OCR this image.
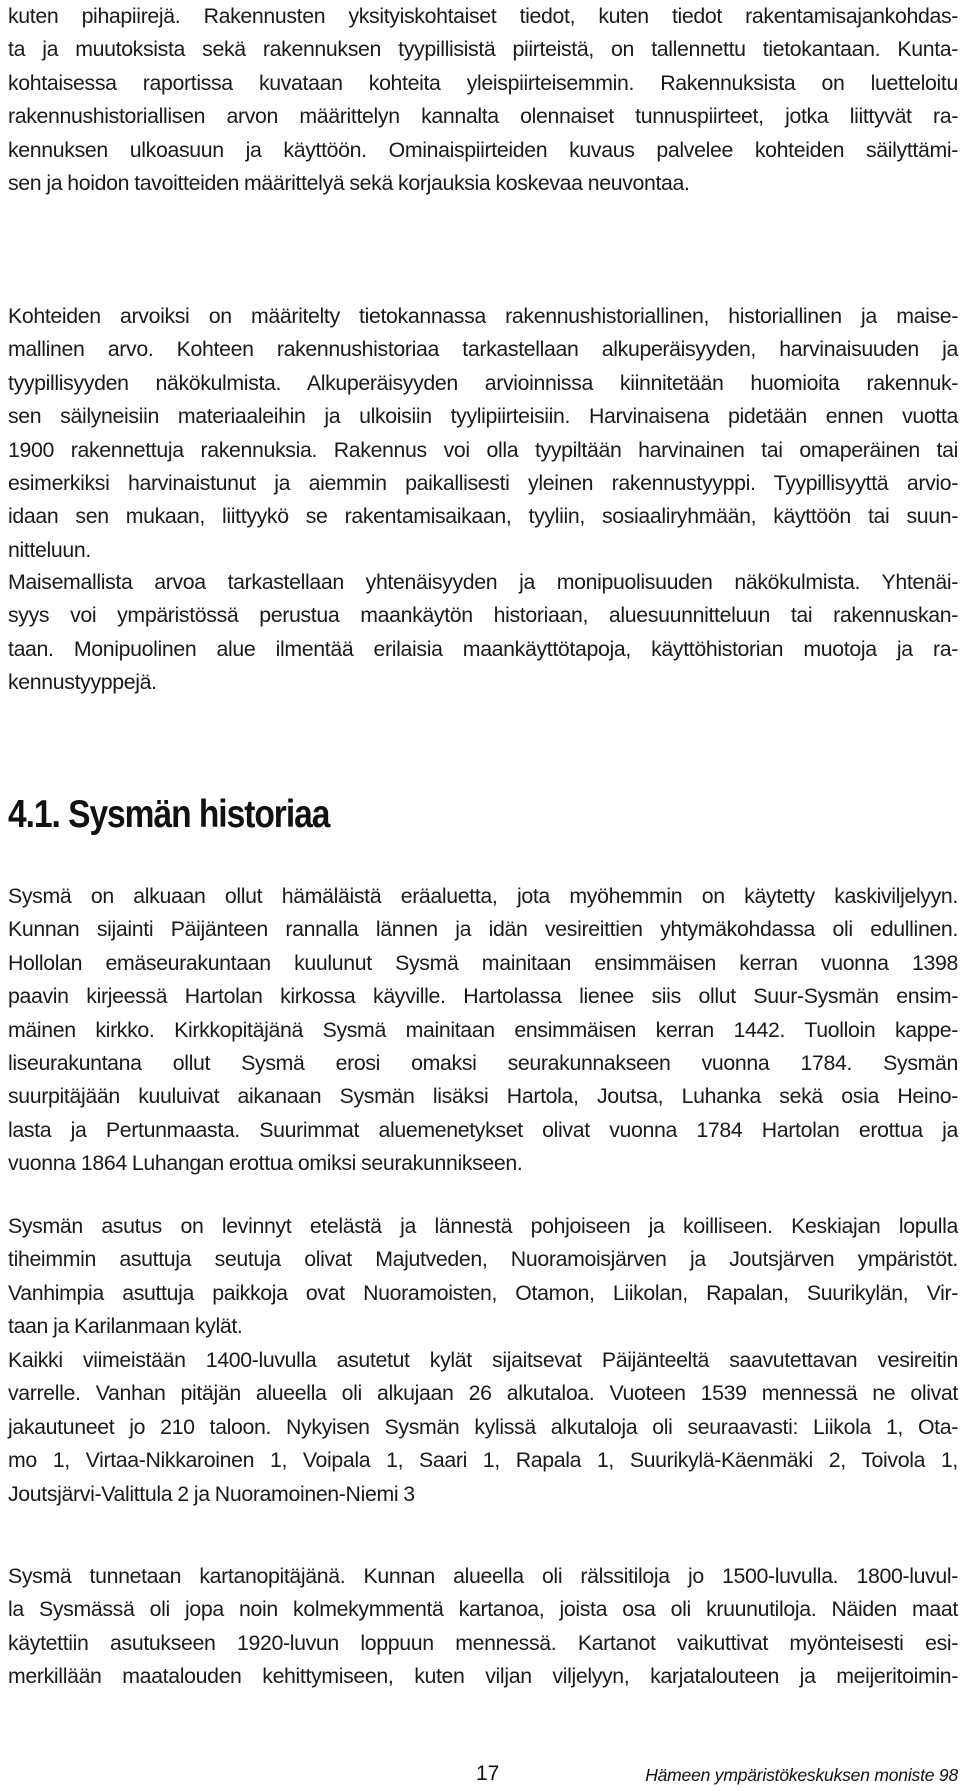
kuten pihapiirejä. Rakennusten yksityiskohtaiset tiedot, kuten tiedot rakentamisajankohdas-
ta ja muutoksista sekä rakennuksen tyypillisistä piirteistä, on tallennettu tietokantaan. Kunta-
kohtaisessa raportissa kuvataan kohteita yleispiirteisemmin. Rakennuksista on luetteloitu
rakennushistoriallisen arvon määrittelyn kannalta olennaiset tunnuspiirteet, jotka liittyvät ra-
kennuksen ulkoasuun ja käyttöön. Ominaispiirteiden kuvaus palvelee kohteiden säilyttämi-
sen ja hoidon tavoitteiden määrittelyä sekä korjauksia koskevaa neuvontaa.
Kohteiden arvoiksi on määritelty tietokannassa rakennushistoriallinen, historiallinen ja maise-
mallinen arvo. Kohteen rakennushistoriaa tarkastellaan alkuperäisyyden, harvinaisuuden ja
tyypillisyyden näkökulmista. Alkuperäisyyden arvioinnissa kiinnitetään huomioita rakennuk-
sen säilyneisiin materiaaleihin ja ulkoisiin tyylipiirteisiin. Harvinaisena pidetään ennen vuotta
1900 rakennettuja rakennuksia. Rakennus voi olla tyypiltään harvinainen tai omaperäinen tai
esimerkiksi harvinaistunut ja aiemmin paikallisesti yleinen rakennustyyppi. Tyypillisyyttä arvio-
idaan sen mukaan, liittyykö se rakentamisaikaan, tyyliin, sosiaaliryhmään, käyttöön tai suun-
nitteluun.
Maisemallista arvoa tarkastellaan yhtenäisyyden ja monipuolisuuden näkökulmista. Yhtenäi-
syys voi ympäristössä perustua maankäytön historiaan, aluesuunnitteluun tai rakennuskan-
taan. Monipuolinen alue ilmentää erilaisia maankäyttötapoja, käyttöhistorian muotoja ja ra-
kennustyyppejä.
4.1. Sysmän historiaa
Sysmä on alkuaan ollut hämäläistä eräaluetta, jota myöhemmin on käytetty kaskiviljelyyn.
Kunnan sijainti Päijänteen rannalla lännen ja idän vesireittien yhtymäkohdassa oli edullinen.
Hollolan emäseurakuntaan kuulunut Sysmä mainitaan ensimmäisen kerran vuonna 1398
paavin kirjeessä Hartolan kirkossa käyville. Hartolassa lienee siis ollut Suur-Sysmän ensim-
mäinen kirkko. Kirkkopitäjänä Sysmä mainitaan ensimmäisen kerran 1442. Tuolloin kappe-
liseurakuntana ollut Sysmä erosi omaksi seurakunnakseen vuonna 1784. Sysmän
suurpitäjään kuuluivat aikanaan Sysmän lisäksi Hartola, Joutsa, Luhanka sekä osia Heino-
lasta ja Pertunmaasta. Suurimmat aluemenetykset olivat vuonna 1784 Hartolan erottua ja
vuonna 1864 Luhangan erottua omiksi seurakunnikseen.
Sysmän asutus on levinnyt etelästä ja lännestä pohjoiseen ja koilliseen. Keskiajan lopulla
tiheimmin asuttuja seutuja olivat Majutveden, Nuoramoisjärven ja Joutsjärven ympäristöt.
Vanhimpia asuttuja paikkoja ovat Nuoramoisten, Otamon, Liikolan, Rapalan, Suurikylän, Vir-
taan ja Karilanmaan kylät.
Kaikki viimeistään 1400-luvulla asutetut kylät sijaitsevat Päijänteeltä saavutettavan vesireitin
varrelle. Vanhan pitäjän alueella oli alkujaan 26 alkutaloa. Vuoteen 1539 mennessä ne olivat
jakautuneet jo 210 taloon. Nykyisen Sysmän kylissä alkutaloja oli seuraavasti: Liikola 1, Ota-
mo 1, Virtaa-Nikkaroinen 1, Voipala 1, Saari 1, Rapala 1, Suurikylä-Käenmäki 2, Toivola 1,
Joutsjärvi-Valittula 2 ja Nuoramoinen-Niemi 3
Sysmä tunnetaan kartanopitäjänä. Kunnan alueella oli rälssitiloja jo 1500-luvulla. 1800-luvul-
la Sysmässä oli jopa noin kolmekymmentä kartanoa, joista osa oli kruunutiloja. Näiden maat
käytettiin asutukseen 1920-luvun loppuun mennessä. Kartanot vaikuttivat myönteisesti esi-
merkillään maatalouden kehittymiseen, kuten viljan viljelyyn, karjatalouteen ja meijeritoimin-
17	Hämeen ympäristökeskuksen moniste 98
